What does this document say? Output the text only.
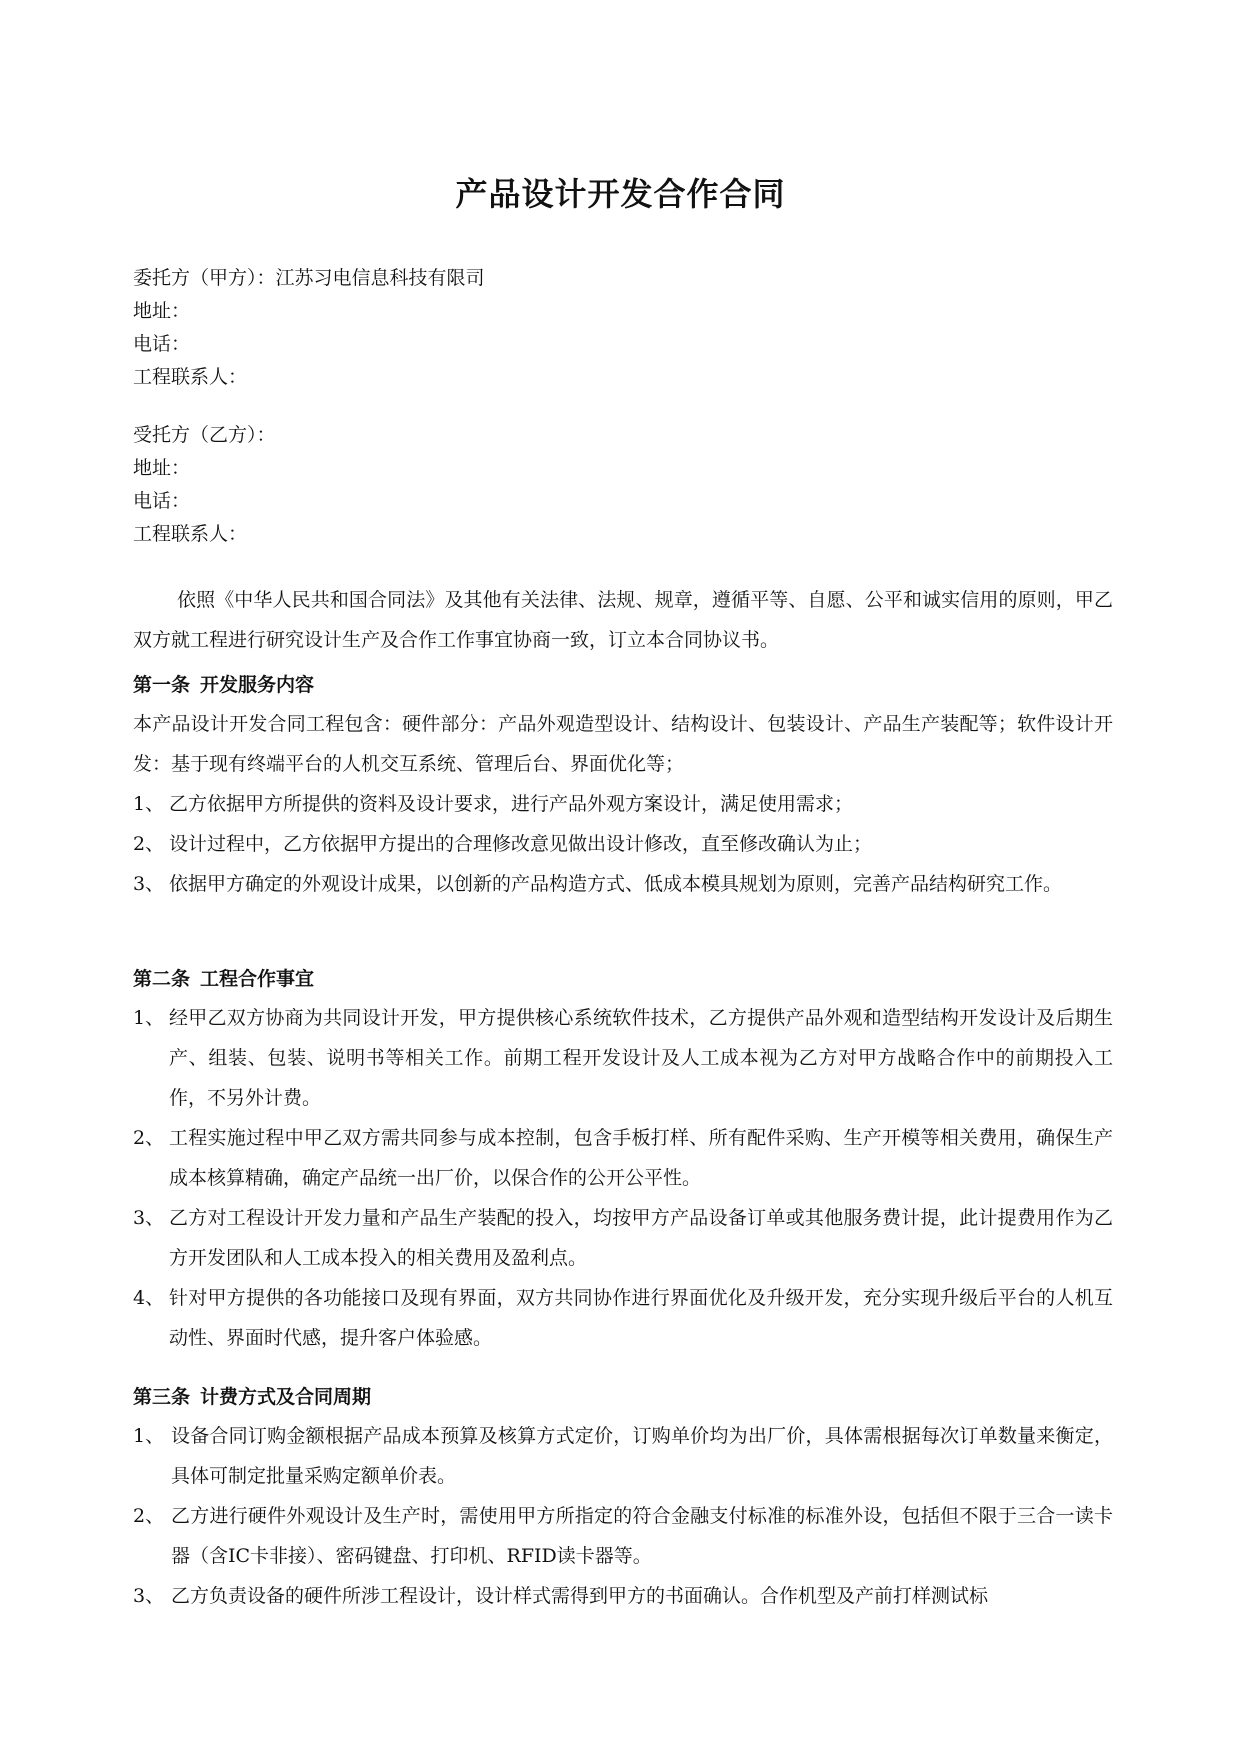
产品设计开发合作合同
委托方（甲方）：江苏习电信息科技有限司
地址：
电话：
工程联系人：
受托方（乙方）：
地址：
电话：
工程联系人：

依照《中华人民共和国合同法》及其他有关法律、法规、规章，遵循平等、自愿、公平和诚实信用的原则，甲乙双方就工程进行研究设计生产及合作工作事宜协商一致，订立本合同协议书。

第一条 开发服务内容

本产品设计开发合同工程包含：硬件部分：产品外观造型设计、结构设计、包装设计、产品生产装配等；软件设计开发：基于现有终端平台的人机交互系统、管理后台、界面优化等；

1、 乙方依据甲方所提供的资料及设计要求，进行产品外观方案设计，满足使用需求；
2、 设计过程中，乙方依据甲方提出的合理修改意见做出设计修改，直至修改确认为止；
3、 依据甲方确定的外观设计成果，以创新的产品构造方式、低成本模具规划为原则，完善产品结构研究工作。
第二条 工程合作事宜
1、 经甲乙双方协商为共同设计开发，甲方提供核心系统软件技术，乙方提供产品外观和造型结构开发设计及后期生产、组装、包装、说明书等相关工作。前期工程开发设计及人工成本视为乙方对甲方战略合作中的前期投入工作，不另外计费。
2、 工程实施过程中甲乙双方需共同参与成本控制，包含手板打样、所有配件采购、生产开模等相关费用，确保生产成本核算精确，确定产品统一出厂价，以保合作的公开公平性。
3、 乙方对工程设计开发力量和产品生产装配的投入，均按甲方产品设备订单或其他服务费计提，此计提费用作为乙方开发团队和人工成本投入的相关费用及盈利点。
4、 针对甲方提供的各功能接口及现有界面，双方共同协作进行界面优化及升级开发，充分实现升级后平台的人机互动性、界面时代感，提升客户体验感。
第三条 计费方式及合同周期
1、 设备合同订购金额根据产品成本预算及核算方式定价，订购单价均为出厂价，具体需根据每次订单数量来衡定，具体可制定批量采购定额单价表。
2、 乙方进行硬件外观设计及生产时，需使用甲方所指定的符合金融支付标准的标准外设，包括但不限于三合一读卡器（含IC卡非接）、密码键盘、打印机、RFID读卡器等。
3、 乙方负责设备的硬件所涉工程设计，设计样式需得到甲方的书面确认。合作机型及产前打样测试标
